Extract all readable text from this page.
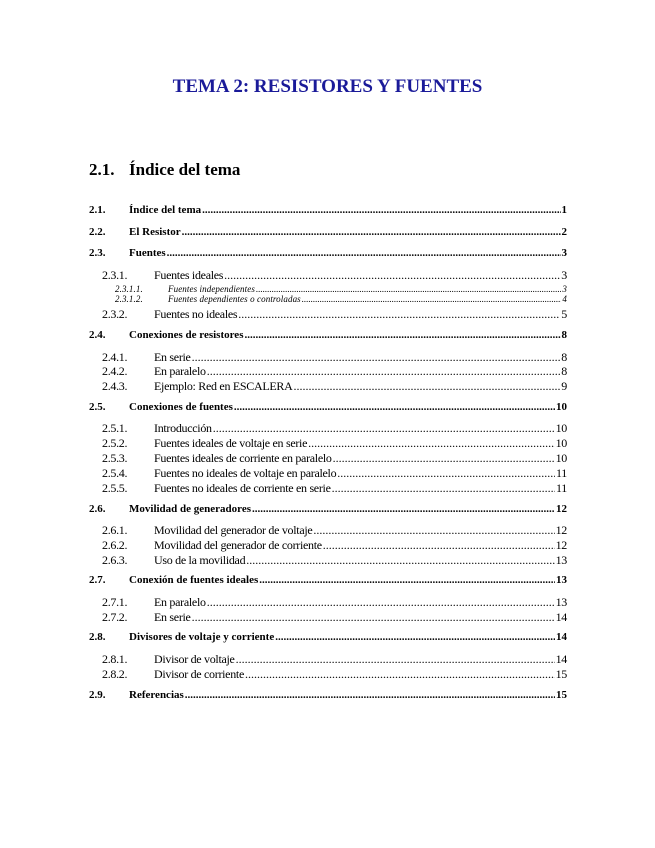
TEMA 2: RESISTORES Y FUENTES
2.1. Índice del tema
2.1.	Índice del tema .....	1
2.2.	El Resistor .....	2
2.3.	Fuentes .....	3
2.3.1.	Fuentes ideales .....	3
2.3.1.1.	Fuentes independientes .....	3
2.3.1.2.	Fuentes dependientes o controladas .....	4
2.3.2.	Fuentes no ideales .....	5
2.4.	Conexiones de resistores .....	8
2.4.1.	En serie .....	8
2.4.2.	En paralelo .....	8
2.4.3.	Ejemplo: Red en ESCALERA .....	9
2.5.	Conexiones de fuentes .....	10
2.5.1.	Introducción .....	10
2.5.2.	Fuentes ideales de voltaje en serie .....	10
2.5.3.	Fuentes ideales de corriente en paralelo .....	10
2.5.4.	Fuentes no ideales de voltaje en paralelo .....	11
2.5.5.	Fuentes no ideales de corriente en serie .....	11
2.6.	Movilidad de generadores .....	12
2.6.1.	Movilidad del generador de voltaje .....	12
2.6.2.	Movilidad del generador de corriente .....	12
2.6.3.	Uso de la movilidad .....	13
2.7.	Conexión de fuentes ideales .....	13
2.7.1.	En paralelo .....	13
2.7.2.	En serie .....	14
2.8.	Divisores de voltaje y corriente .....	14
2.8.1.	Divisor de voltaje .....	14
2.8.2.	Divisor de corriente .....	15
2.9.	Referencias .....	15
